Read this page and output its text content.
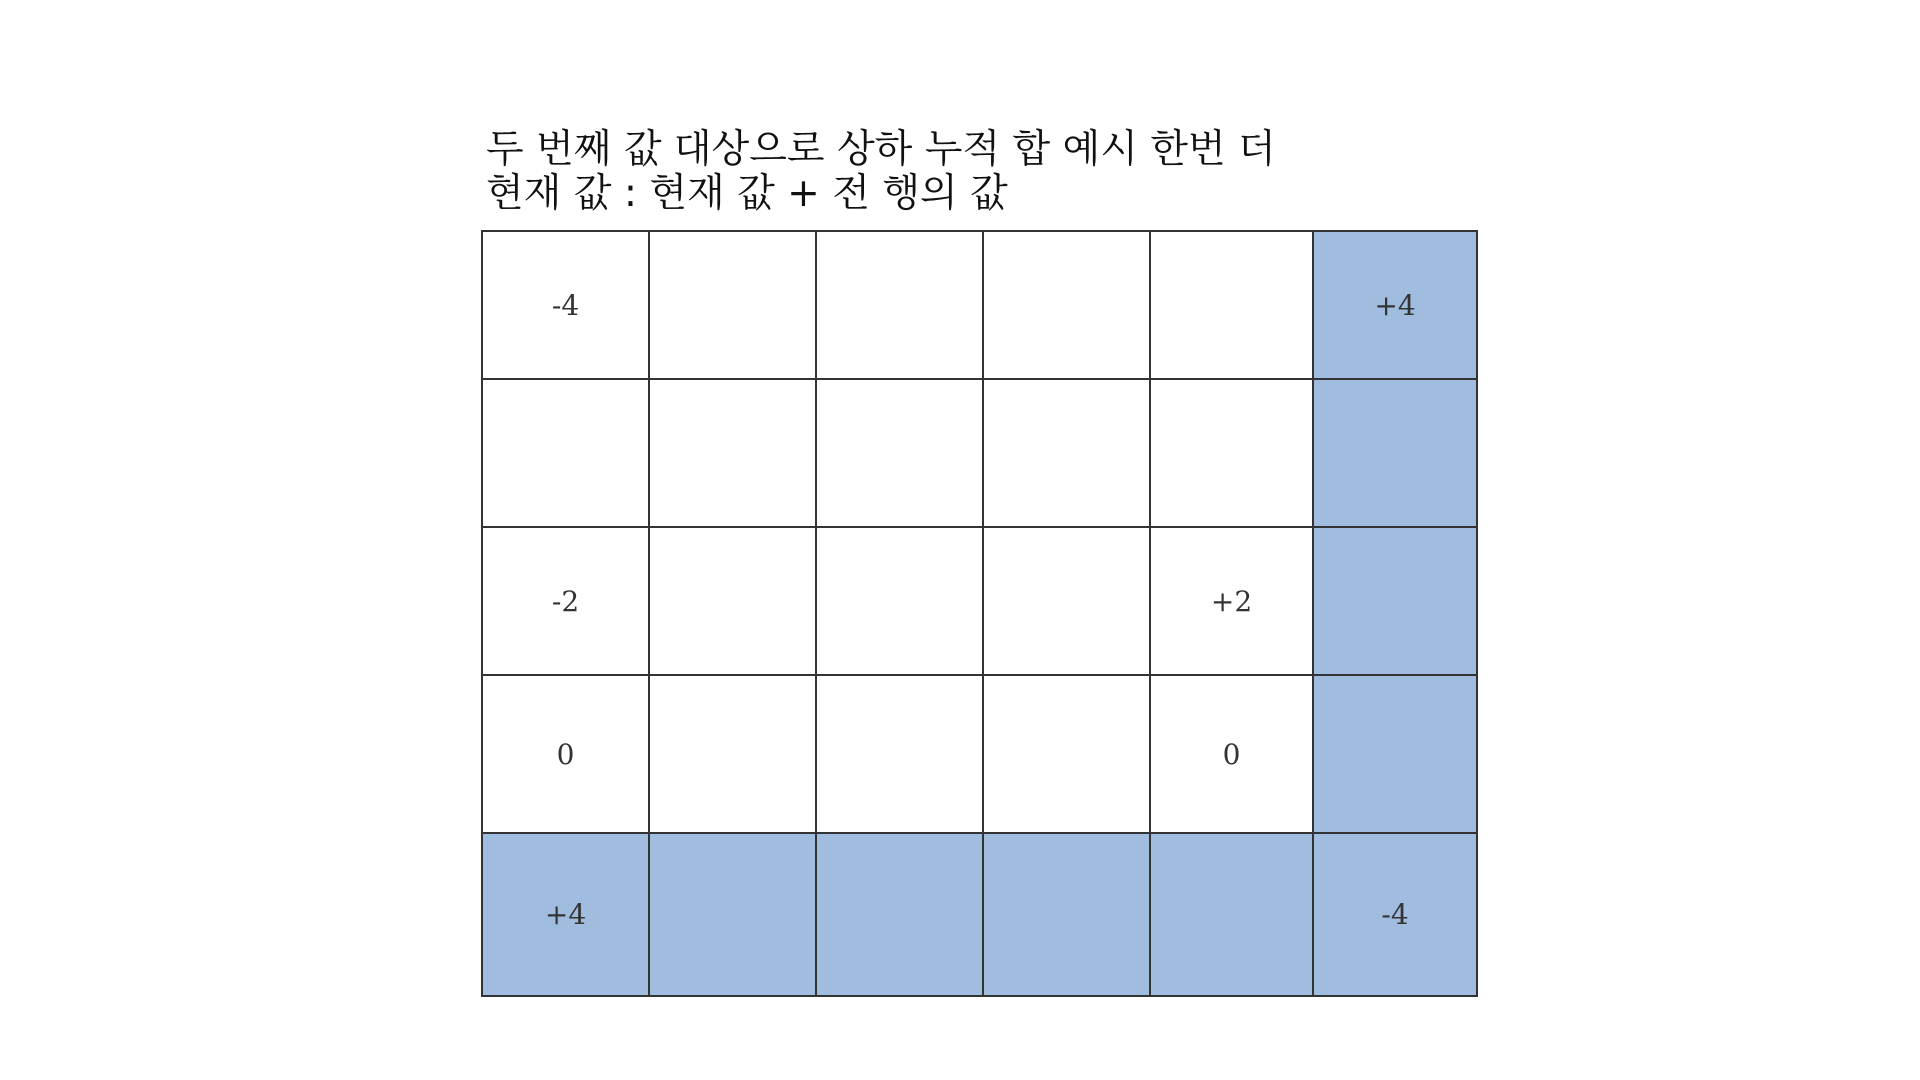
두 번째 값 대상으로 상하 누적 합 예시 한번 더
현재 값 : 현재 값 + 전 행의 값
-4					+4

-2				+2	
0				0	
+4					-4
